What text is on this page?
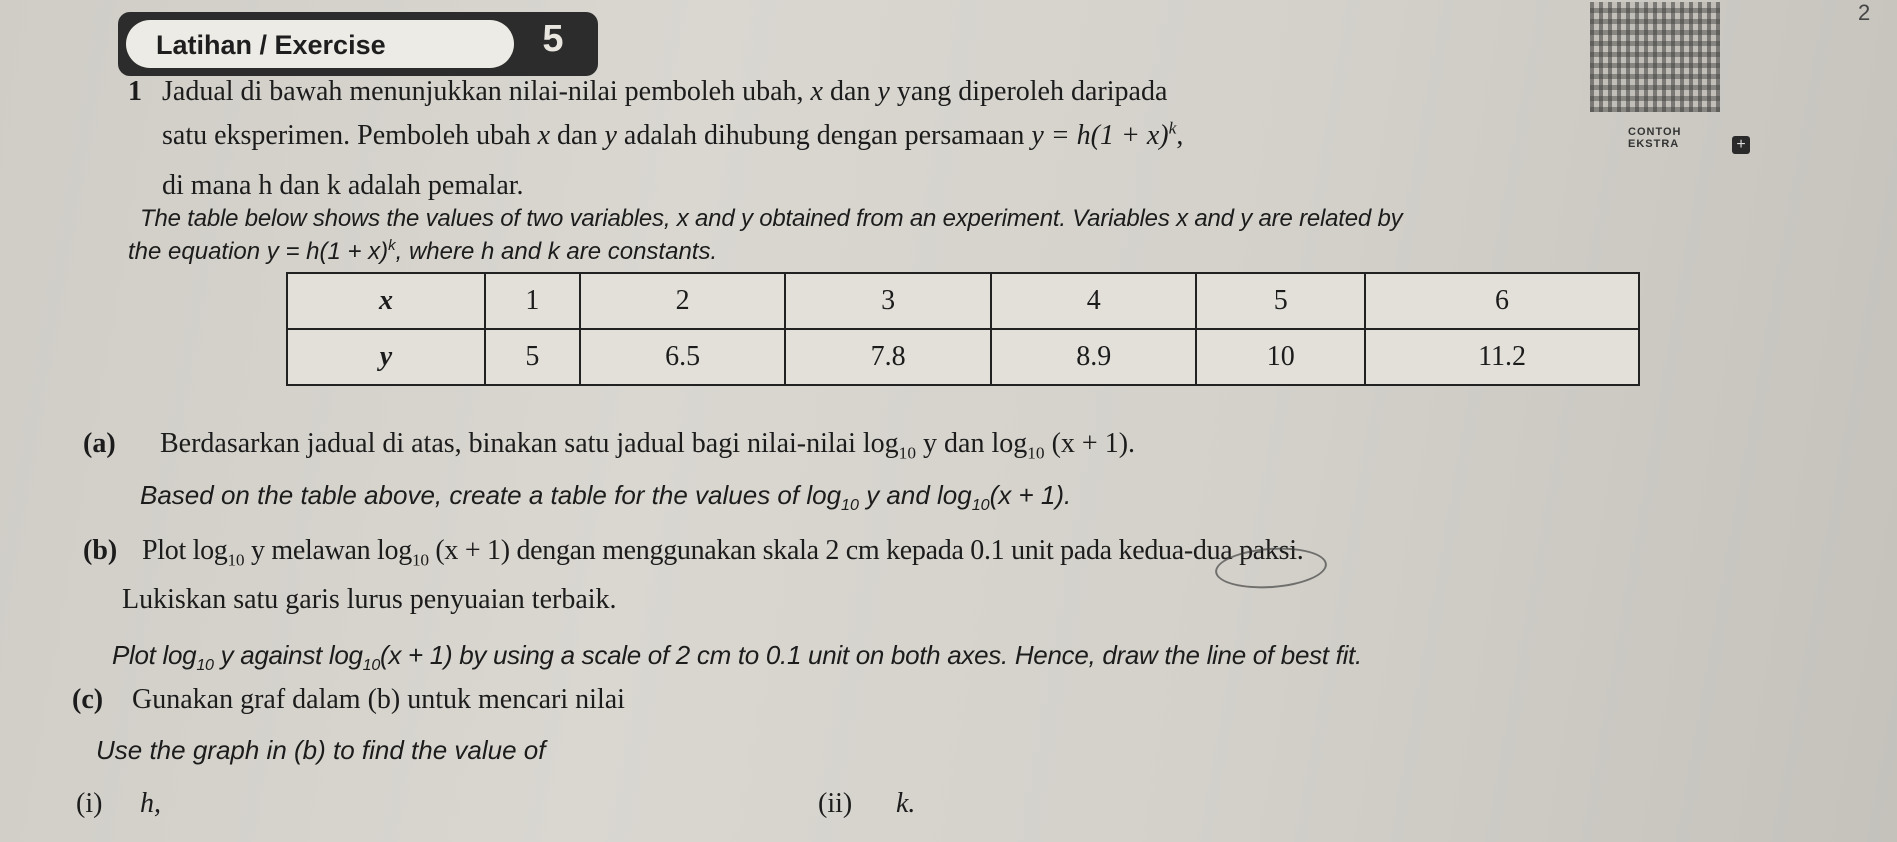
Latihan / Exercise	5
CONTOH
EKSTRA	+
2
1 Jadual di bawah menunjukkan nilai-nilai pemboleh ubah, x dan y yang diperoleh daripada
satu eksperimen. Pemboleh ubah x dan y adalah dihubung dengan persamaan $y = h(1 + x)^k$,
di mana h dan k adalah pemalar.
The table below shows the values of two variables, x and y obtained from an experiment. Variables x and y are related by
the equation $y = h(1 + x)^k$, where h and k are constants.
x	1	2	3	4	5	6
y	5	6.5	7.8	8.9	10	11.2
(a) Berdasarkan jadual di atas, binakan satu jadual bagi nilai-nilai $\log_{10} y$ dan $\log_{10} (x + 1)$.
Based on the table above, create a table for the values of $\log_{10} y$ and $\log_{10}(x + 1)$.
(b) Plot $\log_{10} y$ melawan $\log_{10} (x + 1)$ dengan menggunakan skala 2 cm kepada 0.1 unit pada kedua-dua paksi.
Lukiskan satu garis lurus penyuaian terbaik.
Plot $\log_{10} y$ against $\log_{10}(x + 1)$ by using a scale of 2 cm to 0.1 unit on both axes. Hence, draw the line of best fit.
(c) Gunakan graf dalam (b) untuk mencari nilai
Use the graph in (b) to find the value of
(i) h,	(ii) k.
